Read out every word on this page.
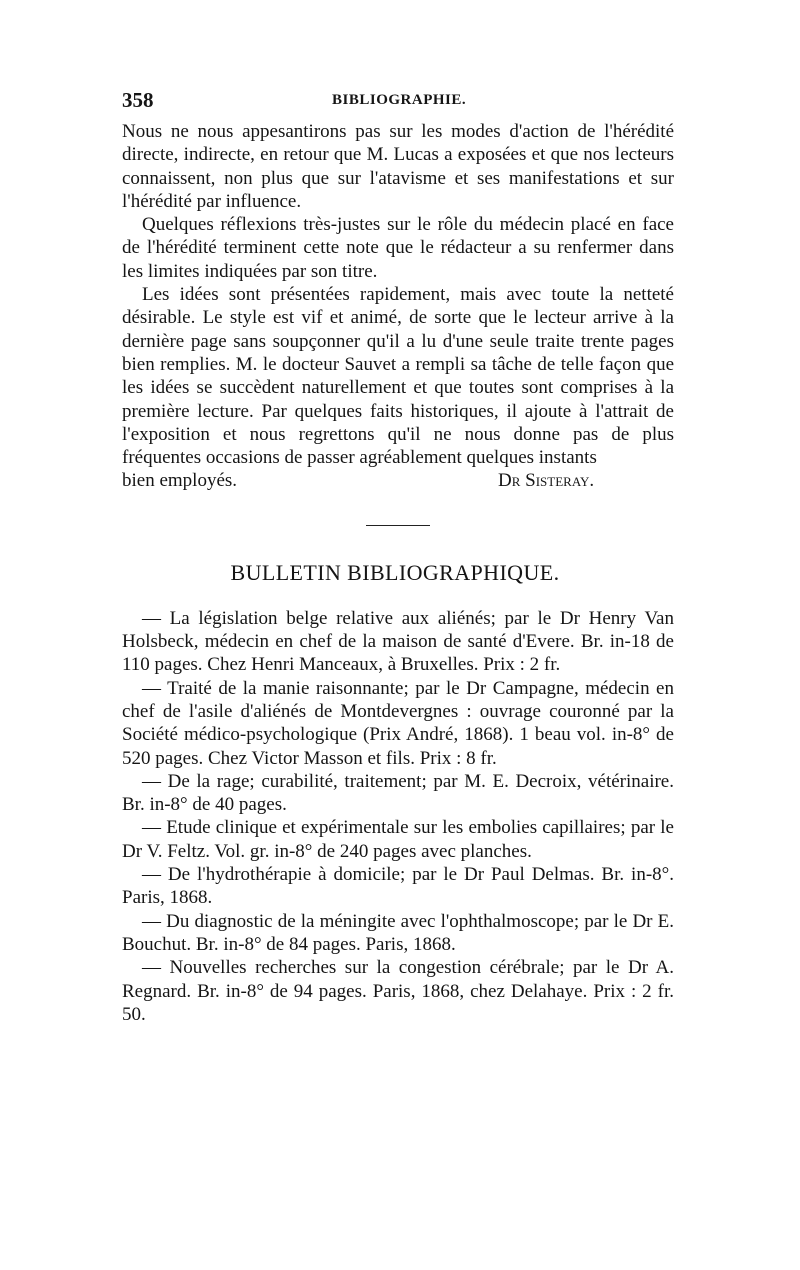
358	BIBLIOGRAPHIE.

Nous ne nous appesantirons pas sur les modes d'action de l'hérédité directe, indirecte, en retour que M. Lucas a exposées et que nos lecteurs connaissent, non plus que sur l'atavisme et ses manifestations et sur l'hérédité par influence.

Quelques réflexions très-justes sur le rôle du médecin placé en face de l'hérédité terminent cette note que le rédacteur a su renfermer dans les limites indiquées par son titre.

Les idées sont présentées rapidement, mais avec toute la netteté désirable. Le style est vif et animé, de sorte que le lecteur arrive à la dernière page sans soupçonner qu'il a lu d'une seule traite trente pages bien remplies. M. le docteur Sauvet a rempli sa tâche de telle façon que les idées se succèdent naturellement et que toutes sont comprises à la première lecture. Par quelques faits historiques, il ajoute à l'attrait de l'exposition et nous regrettons qu'il ne nous donne pas de plus fréquentes occasions de passer agréablement quelques instants

bien employés.	Dr Sisteray.
BULLETIN BIBLIOGRAPHIQUE.

— La législation belge relative aux aliénés; par le Dr Henry Van Holsbeck, médecin en chef de la maison de santé d'Evere. Br. in-18 de 110 pages. Chez Henri Manceaux, à Bruxelles. Prix : 2 fr.

— Traité de la manie raisonnante; par le Dr Campagne, médecin en chef de l'asile d'aliénés de Montdevergnes : ouvrage couronné par la Société médico-psychologique (Prix André, 1868). 1 beau vol. in-8° de 520 pages. Chez Victor Masson et fils. Prix : 8 fr.

— De la rage; curabilité, traitement; par M. E. Decroix, vétérinaire. Br. in-8° de 40 pages.

— Etude clinique et expérimentale sur les embolies capillaires; par le Dr V. Feltz. Vol. gr. in-8° de 240 pages avec planches.

— De l'hydrothérapie à domicile; par le Dr Paul Delmas. Br. in-8°. Paris, 1868.

— Du diagnostic de la méningite avec l'ophthalmoscope; par le Dr E. Bouchut. Br. in-8° de 84 pages. Paris, 1868.

— Nouvelles recherches sur la congestion cérébrale; par le Dr A. Regnard. Br. in-8° de 94 pages. Paris, 1868, chez Delahaye. Prix : 2 fr. 50.
